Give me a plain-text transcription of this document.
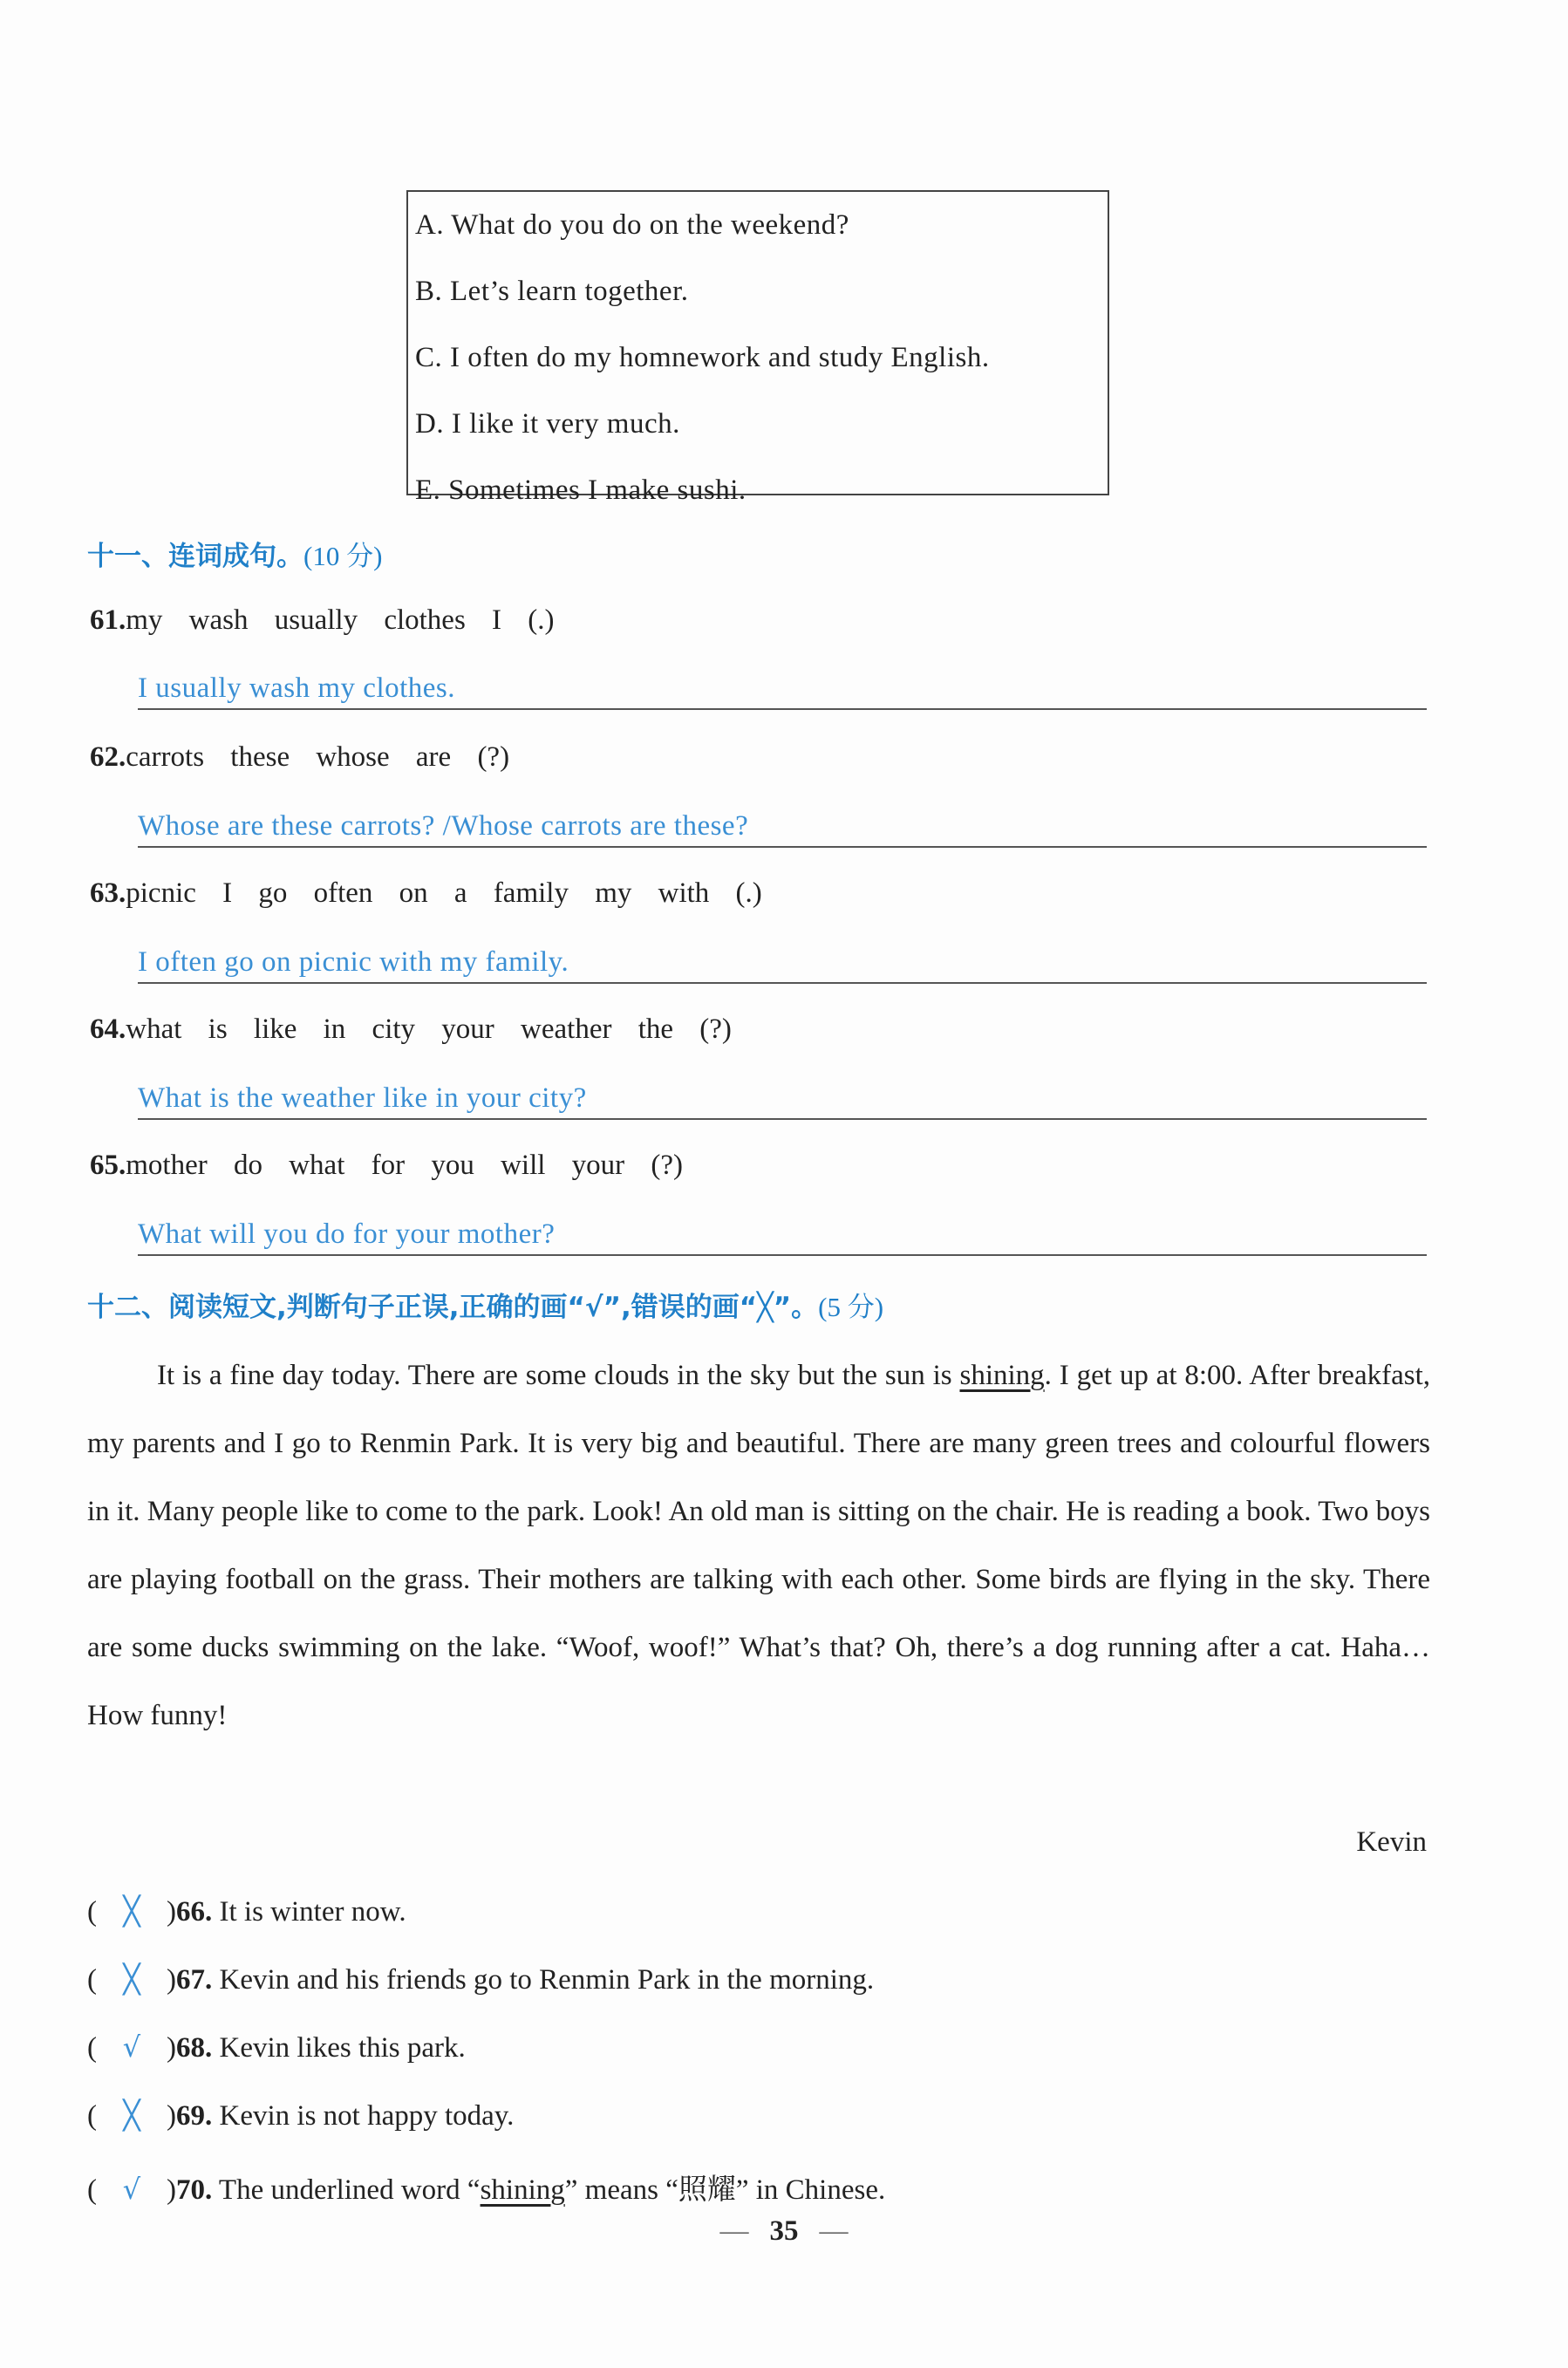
A. What do you do on the weekend?
B. Let’s learn together.
C. I often do my homnework and study English.
D. I like it very much.
E. Sometimes I make sushi.
十一、连词成句。(10 分)
61.my wash usually clothes I (.)
I usually wash my clothes.
62.carrots these whose are (?)
Whose are these carrots? /Whose carrots are these?
63.picnic I go often on a family my with (.)
I often go on picnic with my family.
64.what is like in city your weather the (?)
What is the weather like in your city?
65.mother do what for you will your (?)
What will you do for your mother?
十二、阅读短文,判断句子正误,正确的画“√”,错误的画“╳”。(5 分)

It is a fine day today. There are some clouds in the sky but the sun is shining. I get up at 8:00. After breakfast, my parents and I go to Renmin Park. It is very big and beautiful. There are many green trees and colourful flowers in it. Many people like to come to the park. Look! An old man is sitting on the chair. He is reading a book. Two boys are playing football on the grass. Their mothers are talking with each other. Some birds are flying in the sky. There are some ducks swimming on the lake. “Woof, woof!” What’s that? Oh, there’s a dog running after a cat. Haha… How funny!

Kevin
( ╳ )66. It is winter now.
( ╳ )67. Kevin and his friends go to Renmin Park in the morning.
( √ )68. Kevin likes this park.
( ╳ )69. Kevin is not happy today.
( √ )70. The underlined word “shining” means “照耀” in Chinese.
— 35 —
